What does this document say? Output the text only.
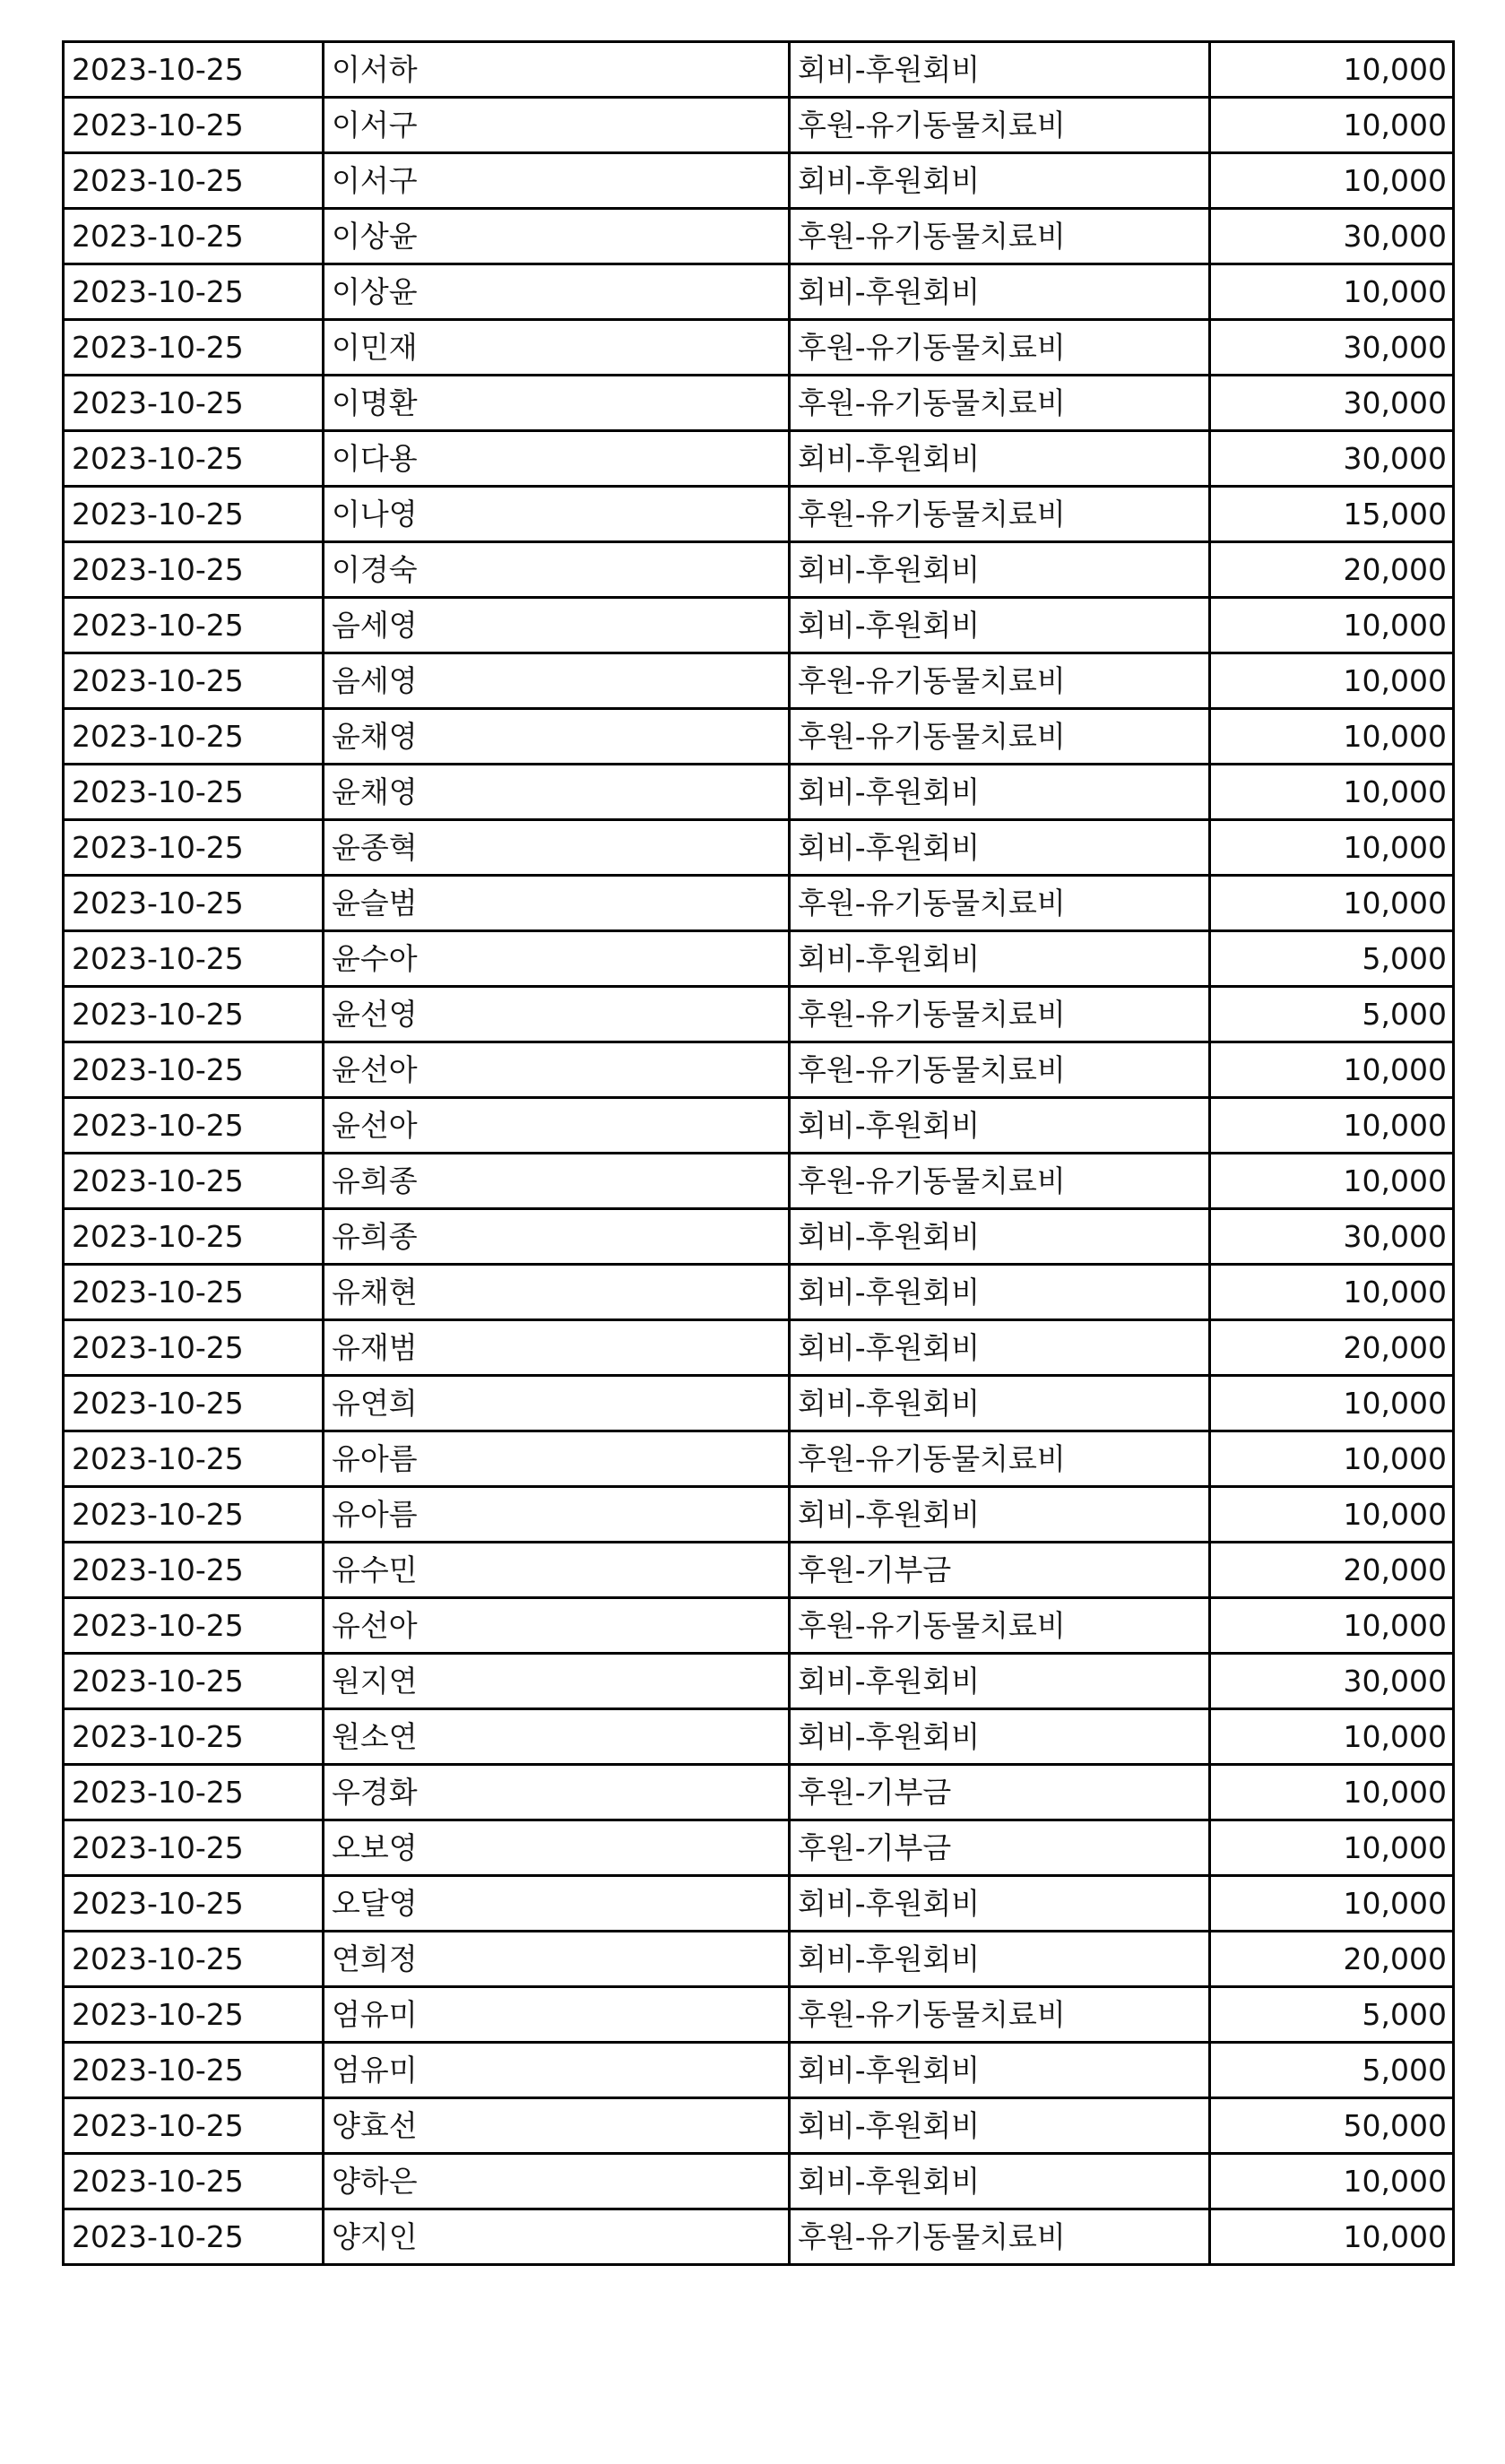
2023-10-25	이서하	회비-후원회비	10,000
2023-10-25	이서구	후원-유기동물치료비	10,000
2023-10-25	이서구	회비-후원회비	10,000
2023-10-25	이상윤	후원-유기동물치료비	30,000
2023-10-25	이상윤	회비-후원회비	10,000
2023-10-25	이민재	후원-유기동물치료비	30,000
2023-10-25	이명환	후원-유기동물치료비	30,000
2023-10-25	이다용	회비-후원회비	30,000
2023-10-25	이나영	후원-유기동물치료비	15,000
2023-10-25	이경숙	회비-후원회비	20,000
2023-10-25	음세영	회비-후원회비	10,000
2023-10-25	음세영	후원-유기동물치료비	10,000
2023-10-25	윤채영	후원-유기동물치료비	10,000
2023-10-25	윤채영	회비-후원회비	10,000
2023-10-25	윤종혁	회비-후원회비	10,000
2023-10-25	윤슬범	후원-유기동물치료비	10,000
2023-10-25	윤수아	회비-후원회비	5,000
2023-10-25	윤선영	후원-유기동물치료비	5,000
2023-10-25	윤선아	후원-유기동물치료비	10,000
2023-10-25	윤선아	회비-후원회비	10,000
2023-10-25	유희종	후원-유기동물치료비	10,000
2023-10-25	유희종	회비-후원회비	30,000
2023-10-25	유채현	회비-후원회비	10,000
2023-10-25	유재범	회비-후원회비	20,000
2023-10-25	유연희	회비-후원회비	10,000
2023-10-25	유아름	후원-유기동물치료비	10,000
2023-10-25	유아름	회비-후원회비	10,000
2023-10-25	유수민	후원-기부금	20,000
2023-10-25	유선아	후원-유기동물치료비	10,000
2023-10-25	원지연	회비-후원회비	30,000
2023-10-25	원소연	회비-후원회비	10,000
2023-10-25	우경화	후원-기부금	10,000
2023-10-25	오보영	후원-기부금	10,000
2023-10-25	오달영	회비-후원회비	10,000
2023-10-25	연희정	회비-후원회비	20,000
2023-10-25	엄유미	후원-유기동물치료비	5,000
2023-10-25	엄유미	회비-후원회비	5,000
2023-10-25	양효선	회비-후원회비	50,000
2023-10-25	양하은	회비-후원회비	10,000
2023-10-25	양지인	후원-유기동물치료비	10,000
